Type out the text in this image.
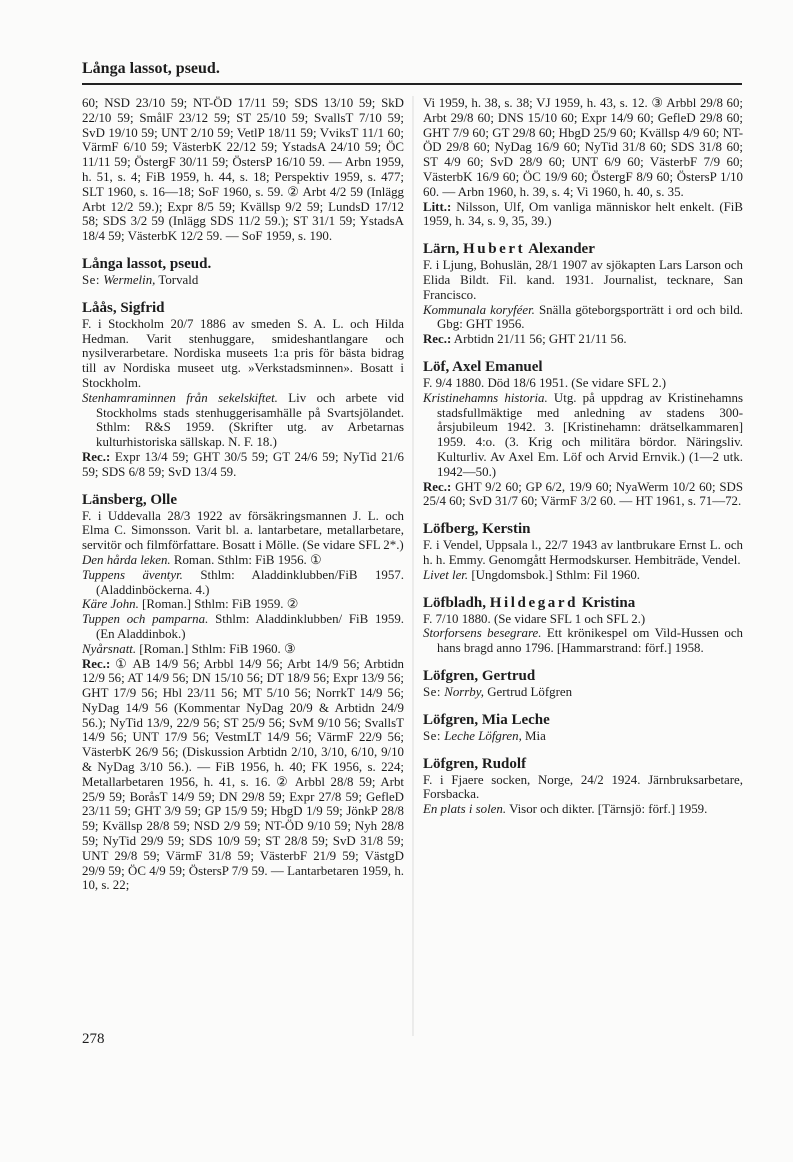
Långa lassot, pseud.

60; NSD 23/10 59; NT-ÖD 17/11 59; SDS 13/10 59; SkD 22/10 59; SmålF 23/12 59; ST 25/10 59; SvallsT 7/10 59; SvD 19/10 59; UNT 2/10 59; VetlP 18/11 59; VviksT 11/1 60; VärmF 6/10 59; VästerbK 22/12 59; YstadsA 24/10 59; ÖC 11/11 59; ÖstergF 30/11 59; ÖstersP 16/10 59. — Arbn 1959, h. 51, s. 4; FiB 1959, h. 44, s. 18; Perspektiv 1959, s. 477; SLT 1960, s. 16—18; SoF 1960, s. 59. ② Arbt 4/2 59 (Inlägg Arbt 12/2 59.); Expr 8/5 59; Kvällsp 9/2 59; LundsD 17/12 58; SDS 3/2 59 (Inlägg SDS 11/2 59.); ST 31/1 59; YstadsA 18/4 59; VästerbK 12/2 59. — SoF 1959, s. 190.

Långa lassot, pseud.

Se: Wermelin, Torvald

Låås, Sigfrid

F. i Stockholm 20/7 1886 av smeden S. A. L. och Hilda Hedman. Varit stenhuggare, smideshantlangare och nysilverarbetare. Nordiska museets 1:a pris för bästa bidrag till av Nordiska museet utg. »Verkstadsminnen». Bosatt i Stockholm.

Stenhamraminnen från sekelskiftet. Liv och arbete vid Stockholms stads stenhuggerisamhälle på Svartsjölandet. Sthlm: R&S 1959. (Skrifter utg. av Arbetarnas kulturhistoriska sällskap. N. F. 18.)

Rec.: Expr 13/4 59; GHT 30/5 59; GT 24/6 59; NyTid 21/6 59; SDS 6/8 59; SvD 13/4 59.

Länsberg, Olle

F. i Uddevalla 28/3 1922 av försäkringsmannen J. L. och Elma C. Simonsson. Varit bl. a. lantarbetare, metallarbetare, servitör och filmförfattare. Bosatt i Mölle. (Se vidare SFL 2*.)

Den hårda leken. Roman. Sthlm: FiB 1956. ①

Tuppens äventyr. Sthlm: Aladdinklubben/FiB 1957. (Aladdinböckerna. 4.)

Käre John. [Roman.] Sthlm: FiB 1959. ②

Tuppen och pamparna. Sthlm: Aladdinklubben/ FiB 1959. (En Aladdinbok.)

Nyårsnatt. [Roman.] Sthlm: FiB 1960. ③

Rec.: ① AB 14/9 56; Arbbl 14/9 56; Arbt 14/9 56; Arbtidn 12/9 56; AT 14/9 56; DN 15/10 56; DT 18/9 56; Expr 13/9 56; GHT 17/9 56; Hbl 23/11 56; MT 5/10 56; NorrkT 14/9 56; NyDag 14/9 56 (Kommentar NyDag 20/9 & Arbtidn 24/9 56.); NyTid 13/9, 22/9 56; ST 25/9 56; SvM 9/10 56; SvallsT 14/9 56; UNT 17/9 56; VestmLT 14/9 56; VärmF 22/9 56; VästerbK 26/9 56; (Diskussion Arbtidn 2/10, 3/10, 6/10, 9/10 & NyDag 3/10 56.). — FiB 1956, h. 40; FK 1956, s. 224; Metallarbetaren 1956, h. 41, s. 16. ② Arbbl 28/8 59; Arbt 25/9 59; BoråsT 14/9 59; DN 29/8 59; Expr 27/8 59; GefleD 23/11 59; GHT 3/9 59; GP 15/9 59; HbgD 1/9 59; JönkP 28/8 59; Kvällsp 28/8 59; NSD 2/9 59; NT-ÖD 9/10 59; Nyh 28/8 59; NyTid 29/9 59; SDS 10/9 59; ST 28/8 59; SvD 31/8 59; UNT 29/8 59; VärmF 31/8 59; VästerbF 21/9 59; VästgD 29/9 59; ÖC 4/9 59; ÖstersP 7/9 59. — Lantarbetaren 1959, h. 10, s. 22;

Vi 1959, h. 38, s. 38; VJ 1959, h. 43, s. 12. ③ Arbbl 29/8 60; Arbt 29/8 60; DNS 15/10 60; Expr 14/9 60; GefleD 29/8 60; GHT 7/9 60; GT 29/8 60; HbgD 25/9 60; Kvällsp 4/9 60; NT-ÖD 29/8 60; NyDag 16/9 60; NyTid 31/8 60; SDS 31/8 60; ST 4/9 60; SvD 28/9 60; UNT 6/9 60; VästerbF 7/9 60; VästerbK 16/9 60; ÖC 19/9 60; ÖstergF 8/9 60; ÖstersP 1/10 60. — Arbn 1960, h. 39, s. 4; Vi 1960, h. 40, s. 35.

Litt.: Nilsson, Ulf, Om vanliga människor helt enkelt. (FiB 1959, h. 34, s. 9, 35, 39.)

Lärn, Hubert Alexander

F. i Ljung, Bohuslän, 28/1 1907 av sjökapten Lars Larson och Elida Bildt. Fil. kand. 1931. Journalist, tecknare, San Francisco.

Kommunala koryféer. Snälla göteborgsporträtt i ord och bild. Gbg: GHT 1956.

Rec.: Arbtidn 21/11 56; GHT 21/11 56.

Löf, Axel Emanuel

F. 9/4 1880. Död 18/6 1951. (Se vidare SFL 2.)

Kristinehamns historia. Utg. på uppdrag av Kristinehamns stadsfullmäktige med anledning av stadens 300-årsjubileum 1942. 3. [Kristinehamn: drätselkammaren] 1959. 4:o. (3. Krig och militära bördor. Näringsliv. Kulturliv. Av Axel Em. Löf och Arvid Ernvik.) (1—2 utk. 1942—50.)

Rec.: GHT 9/2 60; GP 6/2, 19/9 60; NyaWerm 10/2 60; SDS 25/4 60; SvD 31/7 60; VärmF 3/2 60. — HT 1961, s. 71—72.

Löfberg, Kerstin

F. i Vendel, Uppsala l., 22/7 1943 av lantbrukare Ernst L. och h. h. Emmy. Genomgått Hermodskurser. Hembiträde, Vendel.

Livet ler. [Ungdomsbok.] Sthlm: Fil 1960.

Löfbladh, Hildegard Kristina

F. 7/10 1880. (Se vidare SFL 1 och SFL 2.)

Storforsens besegrare. Ett krönikespel om Vild-Hussen och hans bragd anno 1796. [Hammarstrand: förf.] 1958.

Löfgren, Gertrud

Se: Norrby, Gertrud Löfgren

Löfgren, Mia Leche

Se: Leche Löfgren, Mia

Löfgren, Rudolf

F. i Fjaere socken, Norge, 24/2 1924. Järnbruksarbetare, Forsbacka.

En plats i solen. Visor och dikter. [Tärnsjö: förf.] 1959.

278
